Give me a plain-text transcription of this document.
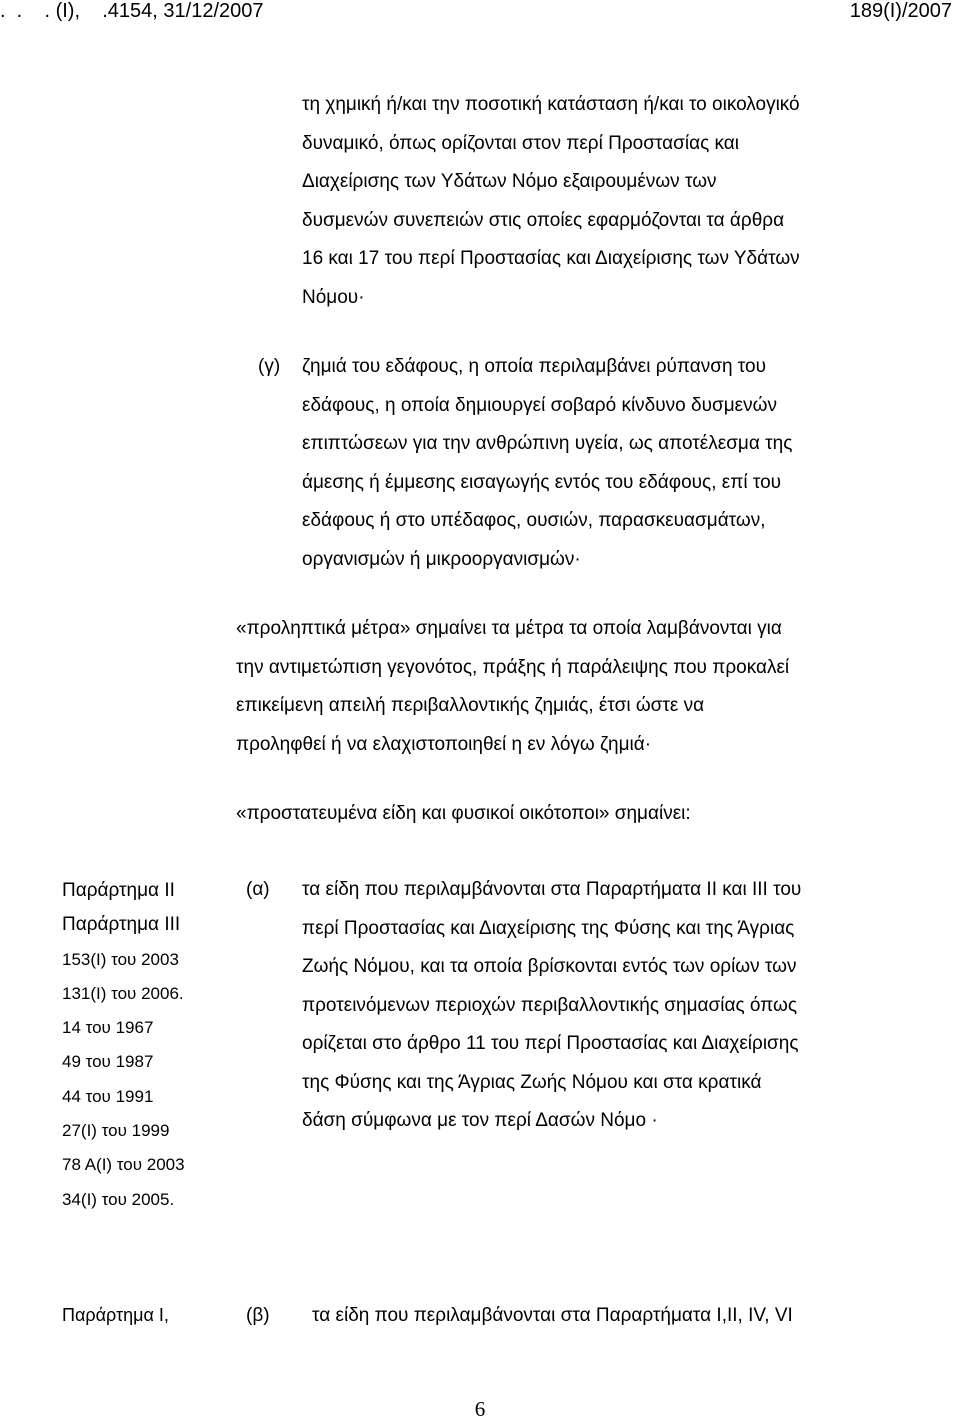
.  .    . (Ι),    .4154, 31/12/2007	189(Ι)/2007
τη χημική ή/και την ποσοτική κατάσταση ή/και το οικολογικό
δυναμικό, όπως ορίζονται στον περί Προστασίας και
Διαχείρισης των Υδάτων Νόμο εξαιρουμένων των
δυσμενών συνεπειών στις οποίες εφαρμόζονται τα άρθρα
16 και 17 του περί Προστασίας και Διαχείρισης των Υδάτων
Νόμου·
(γ) ζημιά του εδάφους, η οποία περιλαμβάνει ρύπανση του
εδάφους, η οποία δημιουργεί σοβαρό κίνδυνο δυσμενών
επιπτώσεων για την ανθρώπινη υγεία, ως αποτέλεσμα της
άμεσης ή έμμεσης εισαγωγής εντός του εδάφους, επί του
εδάφους ή στο υπέδαφος, ουσιών, παρασκευασμάτων,
οργανισμών ή μικροοργανισμών·
«προληπτικά μέτρα» σημαίνει τα μέτρα τα οποία λαμβάνονται για
την αντιμετώπιση γεγονότος, πράξης ή παράλειψης που προκαλεί
επικείμενη απειλή περιβαλλοντικής ζημιάς, έτσι ώστε να
προληφθεί ή να ελαχιστοποιηθεί η εν λόγω ζημιά·
«προστατευμένα είδη και φυσικοί οικότοποι» σημαίνει:
Παράρτημα ΙΙ
Παράρτημα ΙΙΙ
153(Ι) του 2003
131(Ι) του 2006.
14 του 1967
49 του 1987
44 του 1991
27(Ι) του 1999
78 Α(Ι) του 2003
34(Ι) του 2005.
(α) τα είδη που περιλαμβάνονται στα Παραρτήματα ΙΙ και ΙΙΙ του
περί Προστασίας και Διαχείρισης της Φύσης και της Άγριας
Ζωής Νόμου, και τα οποία βρίσκονται εντός των ορίων των
προτεινόμενων περιοχών περιβαλλοντικής σημασίας όπως
ορίζεται στο άρθρο 11 του περί Προστασίας και Διαχείρισης
της Φύσης και της Άγριας Ζωής Νόμου και στα κρατικά
δάση σύμφωνα με τον περί Δασών Νόμο ·
Παράρτημα Ι,	(β) τα είδη που περιλαμβάνονται στα Παραρτήματα Ι,ΙΙ, ΙV, VI
6
